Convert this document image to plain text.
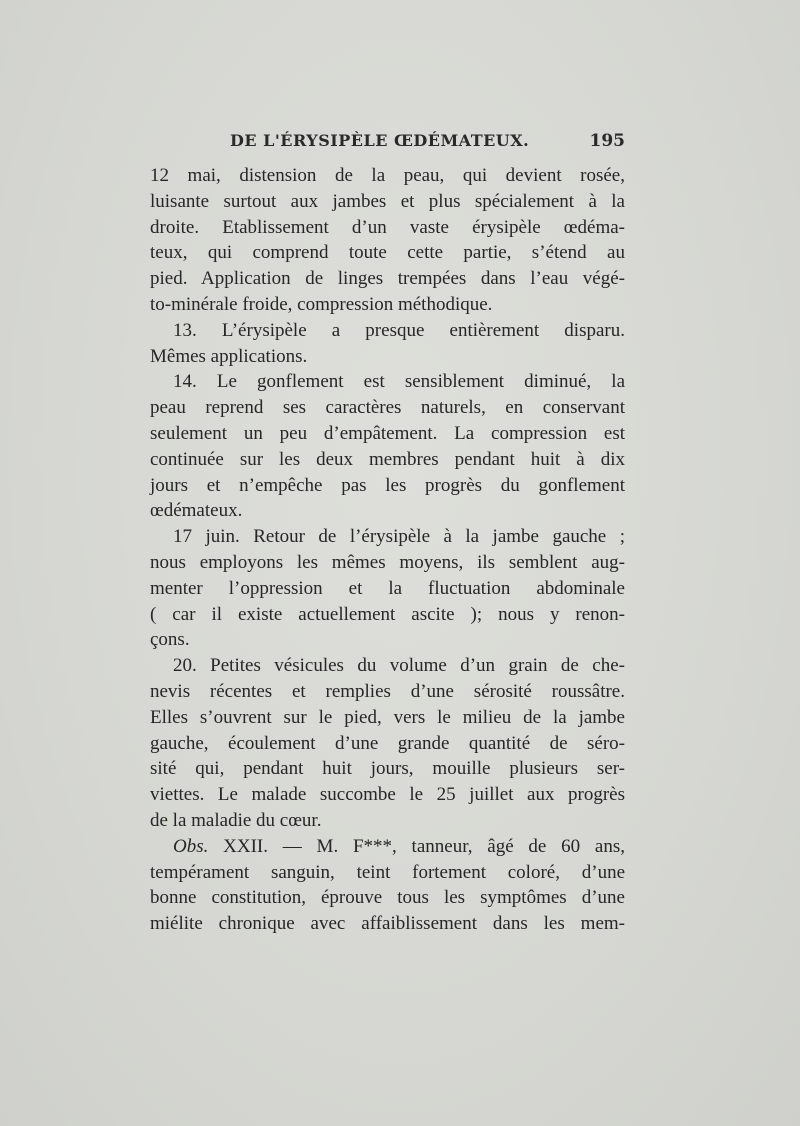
DE L'ÉRYSIPÈLE ŒDÉMATEUX.	195
12 mai, distension de la peau, qui devient rosée,
luisante surtout aux jambes et plus spécialement à la
droite. Etablissement d’un vaste érysipèle œdéma-
teux, qui comprend toute cette partie, s’étend au
pied. Application de linges trempées dans l’eau végé-
to-minérale froide, compression méthodique.
13. L’érysipèle a presque entièrement disparu.
Mêmes applications.
14. Le gonflement est sensiblement diminué, la
peau reprend ses caractères naturels, en conservant
seulement un peu d’empâtement. La compression est
continuée sur les deux membres pendant huit à dix
jours et n’empêche pas les progrès du gonflement
œdémateux.
17 juin. Retour de l’érysipèle à la jambe gauche ;
nous employons les mêmes moyens, ils semblent aug-
menter l’oppression et la fluctuation abdominale
( car il existe actuellement ascite ); nous y renon-
çons.
20. Petites vésicules du volume d’un grain de che-
nevis récentes et remplies d’une sérosité roussâtre.
Elles s’ouvrent sur le pied, vers le milieu de la jambe
gauche, écoulement d’une grande quantité de séro-
sité qui, pendant huit jours, mouille plusieurs ser-
viettes. Le malade succombe le 25 juillet aux progrès
de la maladie du cœur.
Obs. XXII. — M. F***, tanneur, âgé de 60 ans,
tempérament sanguin, teint fortement coloré, d’une
bonne constitution, éprouve tous les symptômes d’une
miélite chronique avec affaiblissement dans les mem-
